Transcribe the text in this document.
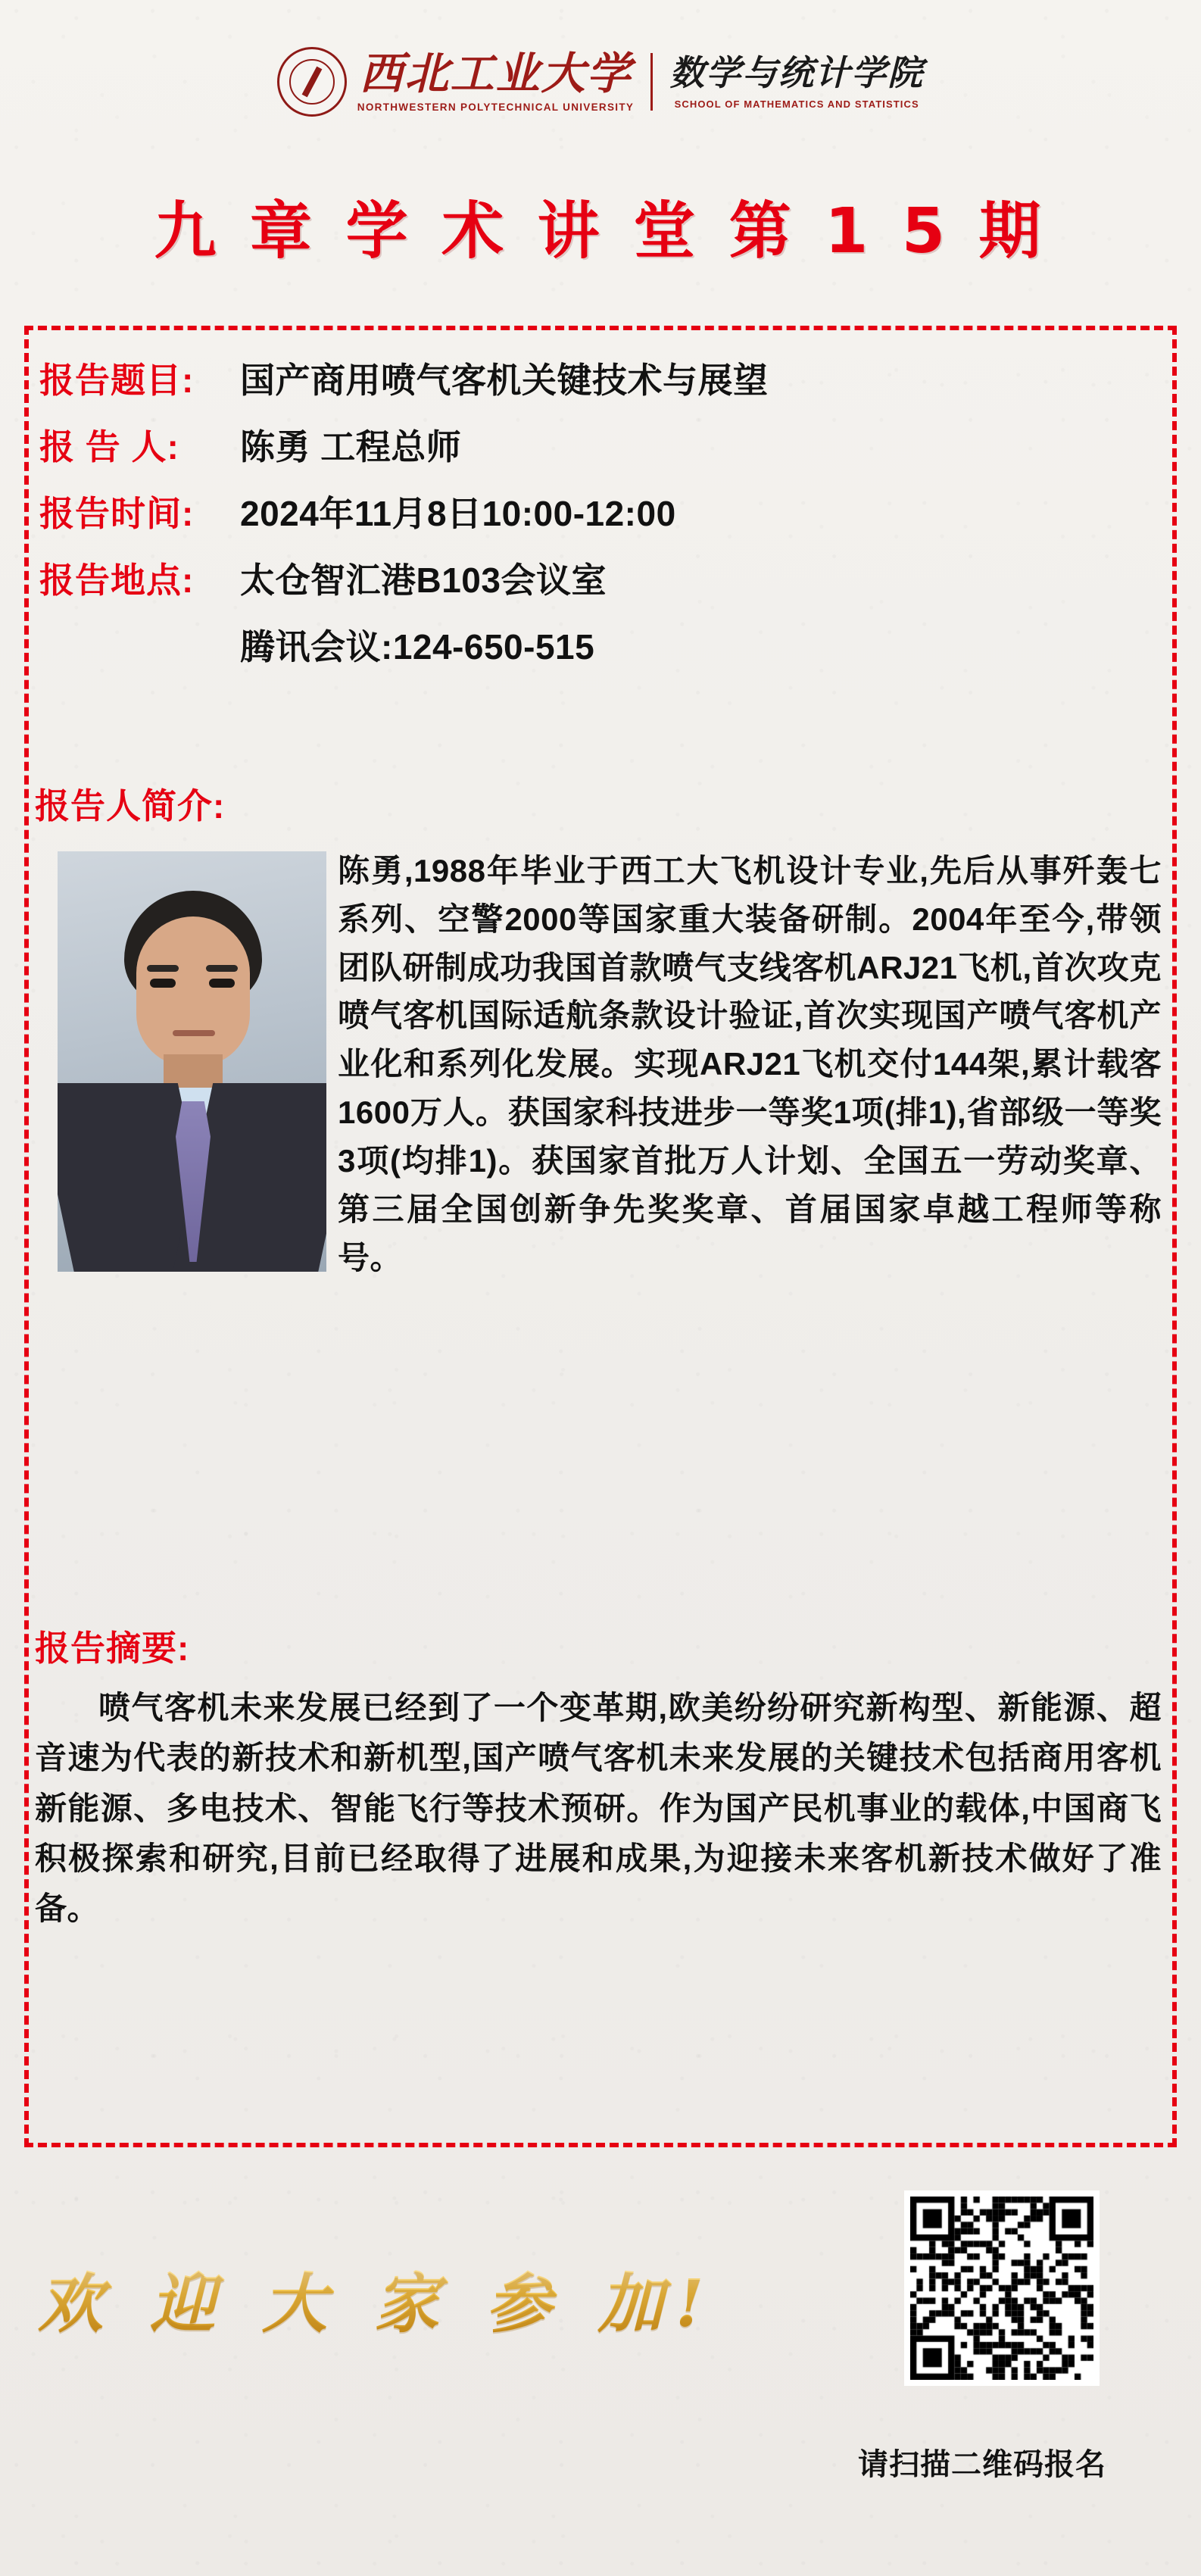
西北工业大学
NORTHWESTERN POLYTECHNICAL UNIVERSITY
数学与统计学院
SCHOOL OF MATHEMATICS AND STATISTICS
九 章 学 术 讲 堂 第 1 5 期
报告题目:	国产商用喷气客机关键技术与展望
报 告 人:	陈勇 工程总师
报告时间:	2024年11月8日10:00-12:00
报告地点:	太仓智汇港B103会议室
腾讯会议:124-650-515
报告人简介:
陈勇,1988年毕业于西工大飞机设计专业,先后从事歼轰七系列、空警2000等国家重大装备研制。2004年至今,带领团队研制成功我国首款喷气支线客机ARJ21飞机,首次攻克喷气客机国际适航条款设计验证,首次实现国产喷气客机产业化和系列化发展。实现ARJ21飞机交付144架,累计载客1600万人。获国家科技进步一等奖1项(排1),省部级一等奖3项(均排1)。获国家首批万人计划、全国五一劳动奖章、第三届全国创新争先奖奖章、首届国家卓越工程师等称号。
报告摘要:
喷气客机未来发展已经到了一个变革期,欧美纷纷研究新构型、新能源、超音速为代表的新技术和新机型,国产喷气客机未来发展的关键技术包括商用客机新能源、多电技术、智能飞行等技术预研。作为国产民机事业的载体,中国商飞积极探索和研究,目前已经取得了进展和成果,为迎接未来客机新技术做好了准备。
欢 迎 大 家 参 加!
请扫描二维码报名
